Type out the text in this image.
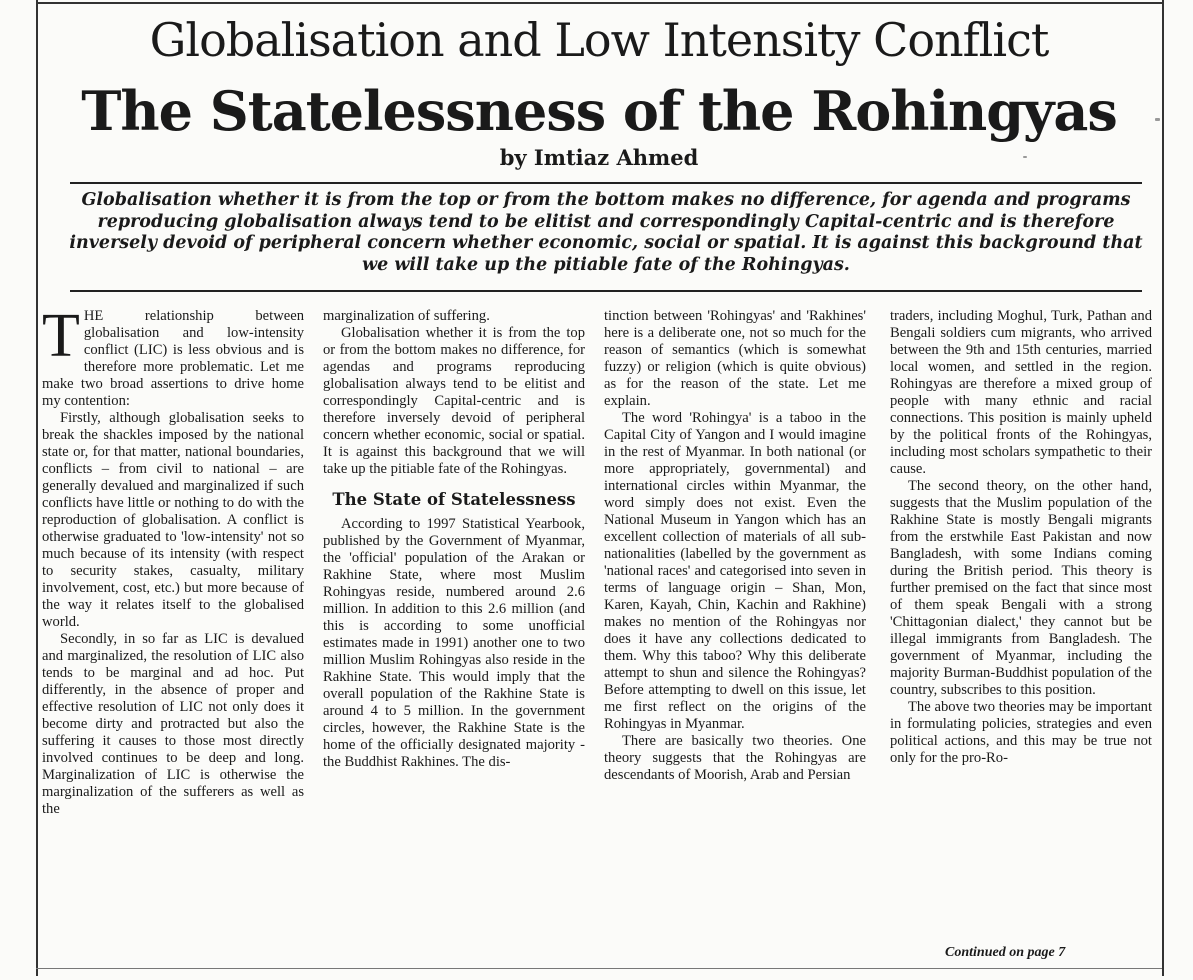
Globalisation and Low Intensity Conflict
The Statelessness of the Rohingyas
by Imtiaz Ahmed
Globalisation whether it is from the top or from the bottom makes no difference, for agenda and programs reproducing globalisation always tend to be elitist and correspondingly Capital-centric and is therefore inversely devoid of peripheral concern whether economic, social or spatial. It is against this background that we will take up the pitiable fate of the Rohingyas.

THE relationship between globalisation and low-intensity conflict (LIC) is less obvious and is therefore more problematic. Let me make two broad assertions to drive home my contention:

Firstly, although globalisation seeks to break the shackles imposed by the national state or, for that matter, national boundaries, conflicts – from civil to national – are generally devalued and marginalized if such conflicts have little or nothing to do with the reproduction of globalisation. A conflict is otherwise graduated to 'low-intensity' not so much because of its intensity (with respect to security stakes, casualty, military involvement, cost, etc.) but more because of the way it relates itself to the globalised world.

Secondly, in so far as LIC is devalued and marginalized, the resolution of LIC also tends to be marginal and ad hoc. Put differently, in the absence of proper and effective resolution of LIC not only does it become dirty and protracted but also the suffering it causes to those most directly involved continues to be deep and long. Marginalization of LIC is otherwise the marginalization of the sufferers as well as the

marginalization of suffering.

Globalisation whether it is from the top or from the bottom makes no difference, for agendas and programs reproducing globalisation always tend to be elitist and correspondingly Capital-centric and is therefore inversely devoid of peripheral concern whether economic, social or spatial. It is against this background that we will take up the pitiable fate of the Rohingyas.

The State of Statelessness

According to 1997 Statistical Yearbook, published by the Government of Myanmar, the 'official' population of the Arakan or Rakhine State, where most Muslim Rohingyas reside, numbered around 2.6 million. In addition to this 2.6 million (and this is according to some unofficial estimates made in 1991) another one to two million Muslim Rohingyas also reside in the Rakhine State. This would imply that the overall population of the Rakhine State is around 4 to 5 million. In the government circles, however, the Rakhine State is the home of the officially designated majority - the Buddhist Rakhines. The dis-

tinction between 'Rohingyas' and 'Rakhines' here is a deliberate one, not so much for the reason of semantics (which is somewhat fuzzy) or religion (which is quite obvious) as for the reason of the state. Let me explain.

The word 'Rohingya' is a taboo in the Capital City of Yangon and I would imagine in the rest of Myanmar. In both national (or more appropriately, governmental) and international circles within Myanmar, the word simply does not exist. Even the National Museum in Yangon which has an excellent collection of materials of all sub-nationalities (labelled by the government as 'national races' and categorised into seven in terms of language origin – Shan, Mon, Karen, Kayah, Chin, Kachin and Rakhine) makes no mention of the Rohingyas nor does it have any collections dedicated to them. Why this taboo? Why this deliberate attempt to shun and silence the Rohingyas? Before attempting to dwell on this issue, let me first reflect on the origins of the Rohingyas in Myanmar.

There are basically two theories. One theory suggests that the Rohingyas are descendants of Moorish, Arab and Persian

traders, including Moghul, Turk, Pathan and Bengali soldiers cum migrants, who arrived between the 9th and 15th centuries, married local women, and settled in the region. Rohingyas are therefore a mixed group of people with many ethnic and racial connections. This position is mainly upheld by the political fronts of the Rohingyas, including most scholars sympathetic to their cause.

The second theory, on the other hand, suggests that the Muslim population of the Rakhine State is mostly Bengali migrants from the erstwhile East Pakistan and now Bangladesh, with some Indians coming during the British period. This theory is further premised on the fact that since most of them speak Bengali with a strong 'Chittagonian dialect,' they cannot but be illegal immigrants from Bangladesh. The government of Myanmar, including the majority Burman-Buddhist population of the country, subscribes to this position.

The above two theories may be important in formulating policies, strategies and even political actions, and this may be true not only for the pro-Ro-

Continued on page 7
